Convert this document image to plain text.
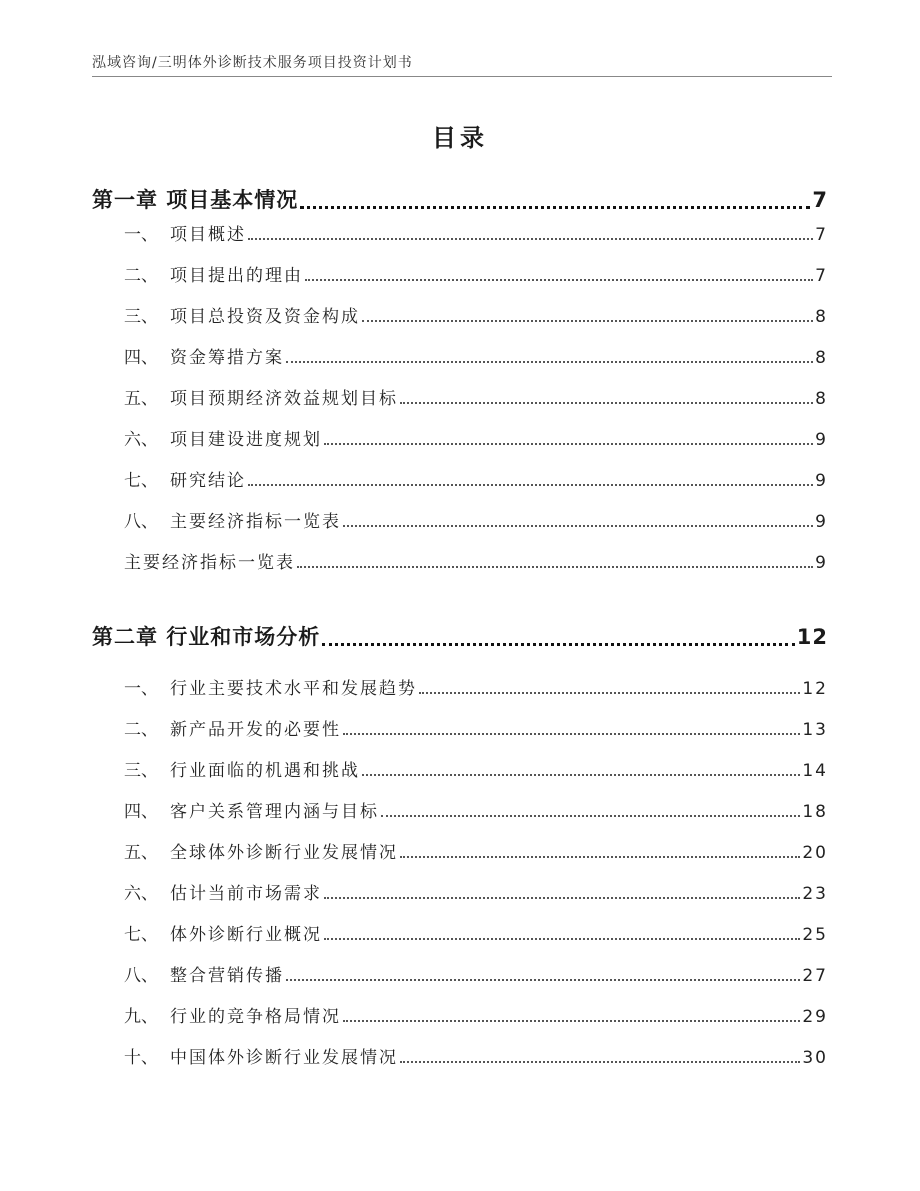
泓域咨询/三明体外诊断技术服务项目投资计划书
目录
第一章 项目基本情况	7
一、 项目概述	7
二、 项目提出的理由	7
三、 项目总投资及资金构成	8
四、 资金筹措方案	8
五、 项目预期经济效益规划目标	8
六、 项目建设进度规划	9
七、 研究结论	9
八、 主要经济指标一览表	9
主要经济指标一览表	9
第二章 行业和市场分析	12
一、 行业主要技术水平和发展趋势	12
二、 新产品开发的必要性	13
三、 行业面临的机遇和挑战	14
四、 客户关系管理内涵与目标	18
五、 全球体外诊断行业发展情况	20
六、 估计当前市场需求	23
七、 体外诊断行业概况	25
八、 整合营销传播	27
九、 行业的竞争格局情况	29
十、 中国体外诊断行业发展情况	30
